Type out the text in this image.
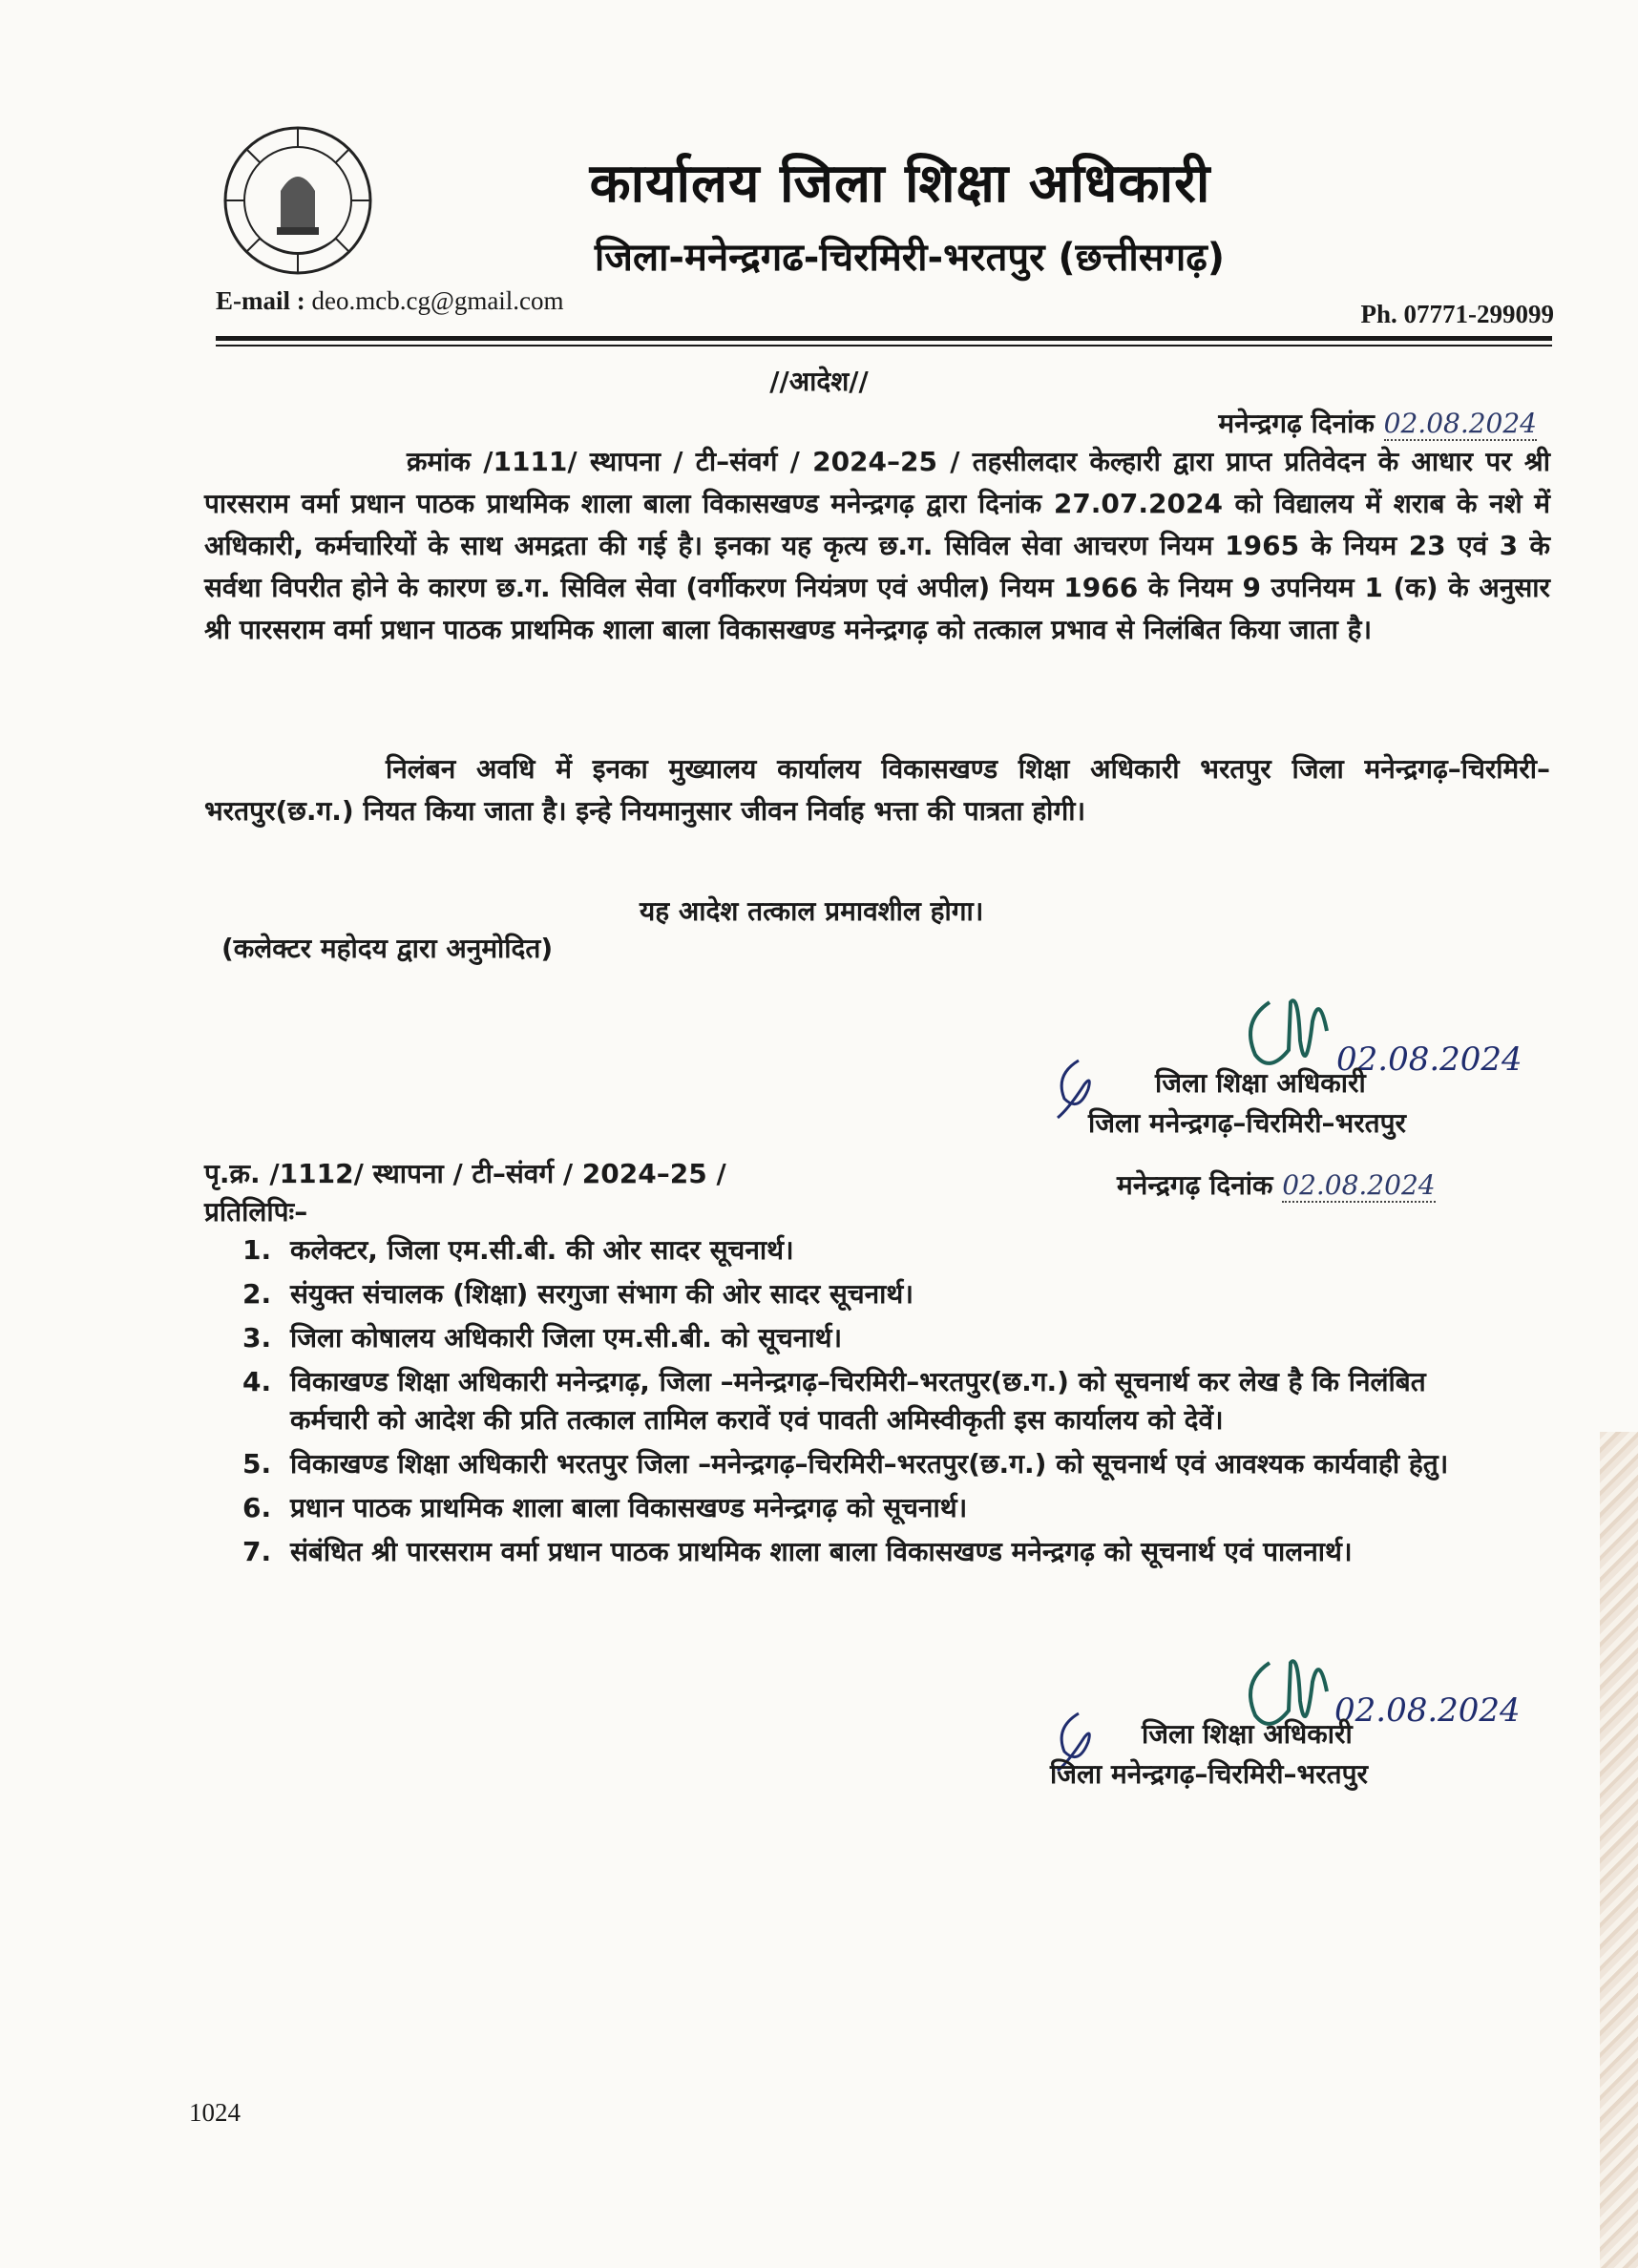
कार्यालय जिला शिक्षा अधिकारी
जिला-मनेन्द्रगढ-चिरमिरी-भरतपुर (छत्तीसगढ़)
E-mail : deo.mcb.cg@gmail.com	Ph. 07771-299099
//आदेश//
मनेन्द्रगढ़ दिनांक 02.08.2024
क्रमांक /1111/ स्थापना / टी–संवर्ग / 2024–25 / तहसीलदार केल्हारी द्वारा प्राप्त प्रतिवेदन के आधार पर श्री पारसराम वर्मा प्रधान पाठक प्राथमिक शाला बाला विकासखण्ड मनेन्द्रगढ़ द्वारा दिनांक 27.07.2024 को विद्यालय में शराब के नशे में अधिकारी, कर्मचारियों के साथ अमद्रता की गई है। इनका यह कृत्य छ.ग. सिविल सेवा आचरण नियम 1965 के नियम 23 एवं 3 के सर्वथा विपरीत होने के कारण छ.ग. सिविल सेवा (वर्गीकरण नियंत्रण एवं अपील) नियम 1966 के नियम 9 उपनियम 1 (क) के अनुसार श्री पारसराम वर्मा प्रधान पाठक प्राथमिक शाला बाला विकासखण्ड मनेन्द्रगढ़ को तत्काल प्रभाव से निलंबित किया जाता है।
निलंबन अवधि में इनका मुख्यालय कार्यालय विकासखण्ड शिक्षा अधिकारी भरतपुर जिला मनेन्द्रगढ़–चिरमिरी–भरतपुर(छ.ग.) नियत किया जाता है। इन्हे नियमानुसार जीवन निर्वाह भत्ता की पात्रता होगी।
यह आदेश तत्काल प्रमावशील होगा।
(कलेक्टर महोदय द्वारा अनुमोदित)
02.08.2024
जिला शिक्षा अधिकारी
जिला मनेन्द्रगढ़–चिरमिरी–भरतपुर
पृ.क्र. /1112/ स्थापना / टी–संवर्ग / 2024–25 /	मनेन्द्रगढ़ दिनांक 02.08.2024
प्रतिलिपिः–
1. कलेक्टर, जिला एम.सी.बी. की ओर सादर सूचनार्थ।
2. संयुक्त संचालक (शिक्षा) सरगुजा संभाग की ओर सादर सूचनार्थ।
3. जिला कोषालय अधिकारी जिला एम.सी.बी. को सूचनार्थ।
4. विकाखण्ड शिक्षा अधिकारी मनेन्द्रगढ़, जिला –मनेन्द्रगढ़–चिरमिरी–भरतपुर(छ.ग.) को सूचनार्थ कर लेख है कि निलंबित कर्मचारी को आदेश की प्रति तत्काल तामिल करावें एवं पावती अमिस्वीकृती इस कार्यालय को देवें।
5. विकाखण्ड शिक्षा अधिकारी भरतपुर जिला –मनेन्द्रगढ़–चिरमिरी–भरतपुर(छ.ग.) को सूचनार्थ एवं आवश्यक कार्यवाही हेतु।
6. प्रधान पाठक प्राथमिक शाला बाला विकासखण्ड मनेन्द्रगढ़ को सूचनार्थ।
7. संबंधित श्री पारसराम वर्मा प्रधान पाठक प्राथमिक शाला बाला विकासखण्ड मनेन्द्रगढ़ को सूचनार्थ एवं पालनार्थ।
02.08.2024
जिला शिक्षा अधिकारी
जिला मनेन्द्रगढ़–चिरमिरी–भरतपुर
1024
